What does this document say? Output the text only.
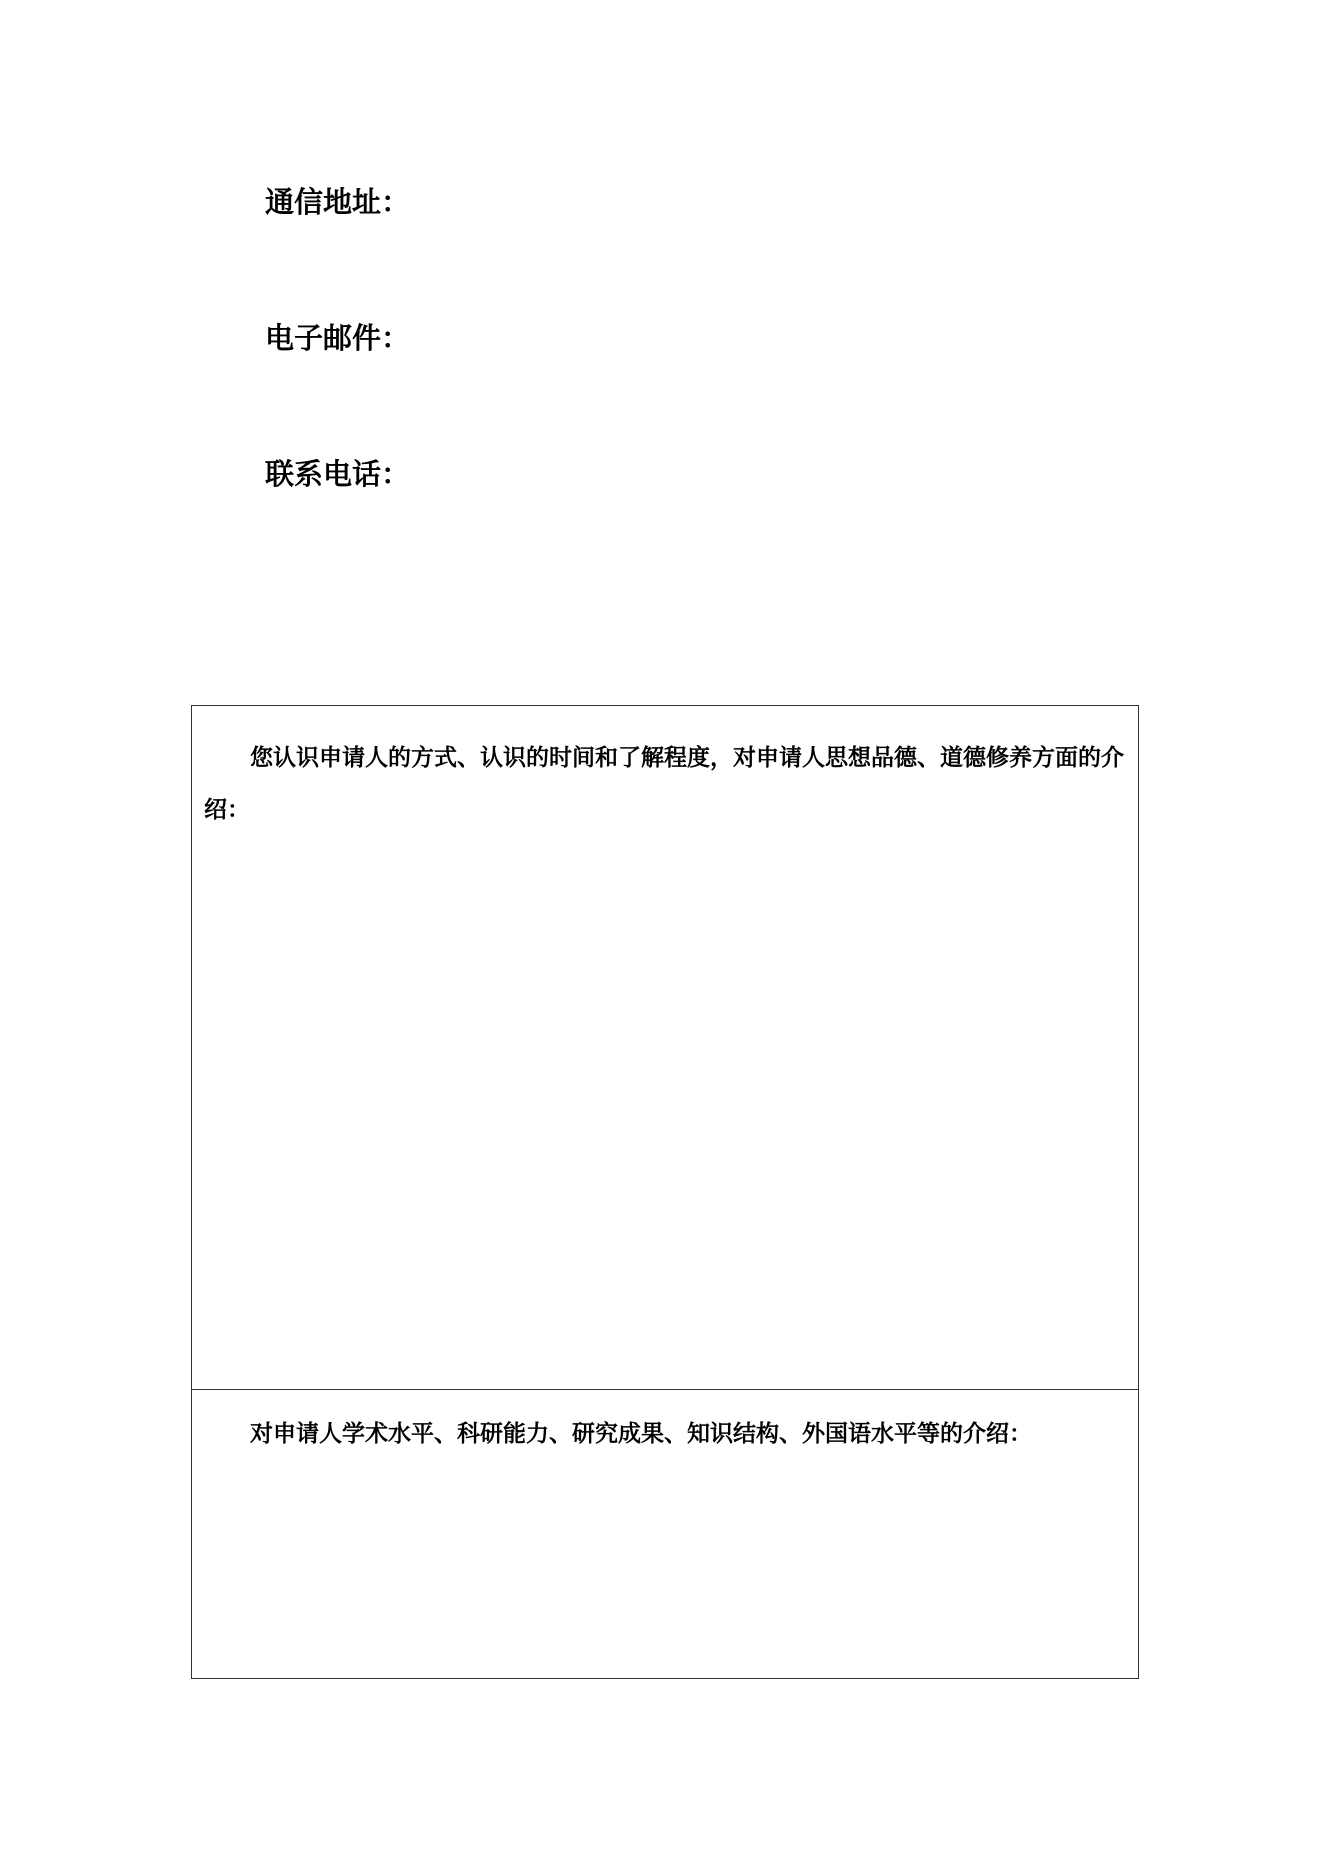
通信地址：
电子邮件：
联系电话：

您认识申请人的方式、认识的时间和了解程度，对申请人思想品德、道德修养方面的介绍：

对申请人学术水平、科研能力、研究成果、知识结构、外国语水平等的介绍：
